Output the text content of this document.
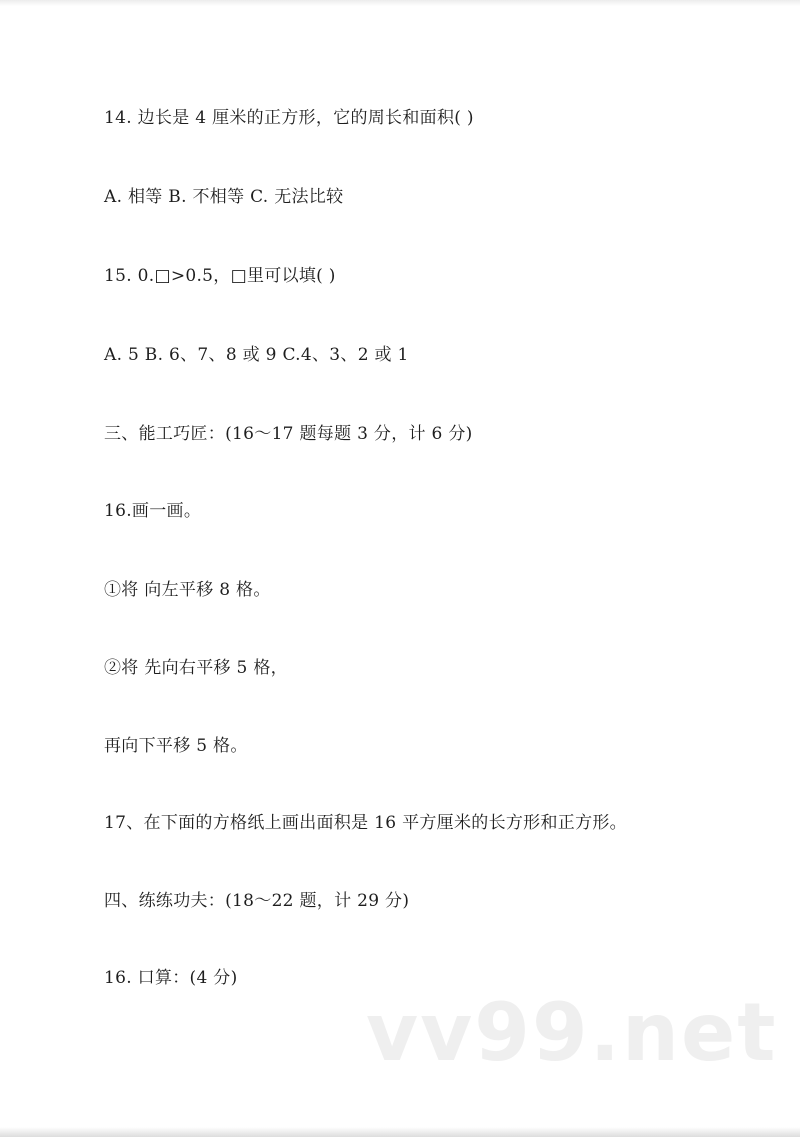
14. 边长是 4 厘米的正方形，它的周长和面积( )
A. 相等 B. 不相等 C. 无法比较
15. 0.□>0.5，□里可以填( )
A. 5 B. 6、7、8 或 9 C.4、3、2 或 1
三、能工巧匠：(16～17 题每题 3 分，计 6 分)
16.画一画。
①将 向左平移 8 格。
②将 先向右平移 5 格，
再向下平移 5 格。
17、在下面的方格纸上画出面积是 16 平方厘米的长方形和正方形。
四、练练功夫：(18～22 题，计 29 分)
16. 口算：(4 分)
vv99.net
